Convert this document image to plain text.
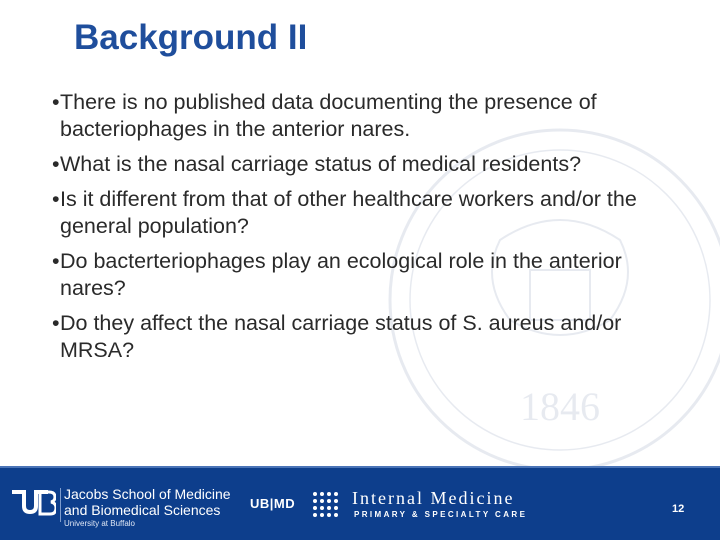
1846
Background II
• There is no published data documenting the presence of bacteriophages in the anterior nares.
• What is the nasal carriage status of medical residents?
• Is it different from that of other healthcare workers and/or the general population?
• Do bacterteriophages play an ecological role in the anterior nares?
• Do they affect the nasal carriage status of S. aureus and/or MRSA?
Jacobs School of Medicine
and Biomedical Sciences
University at Buffalo
UB|MD	Internal Medicine
PRIMARY & SPECIALTY CARE	12
